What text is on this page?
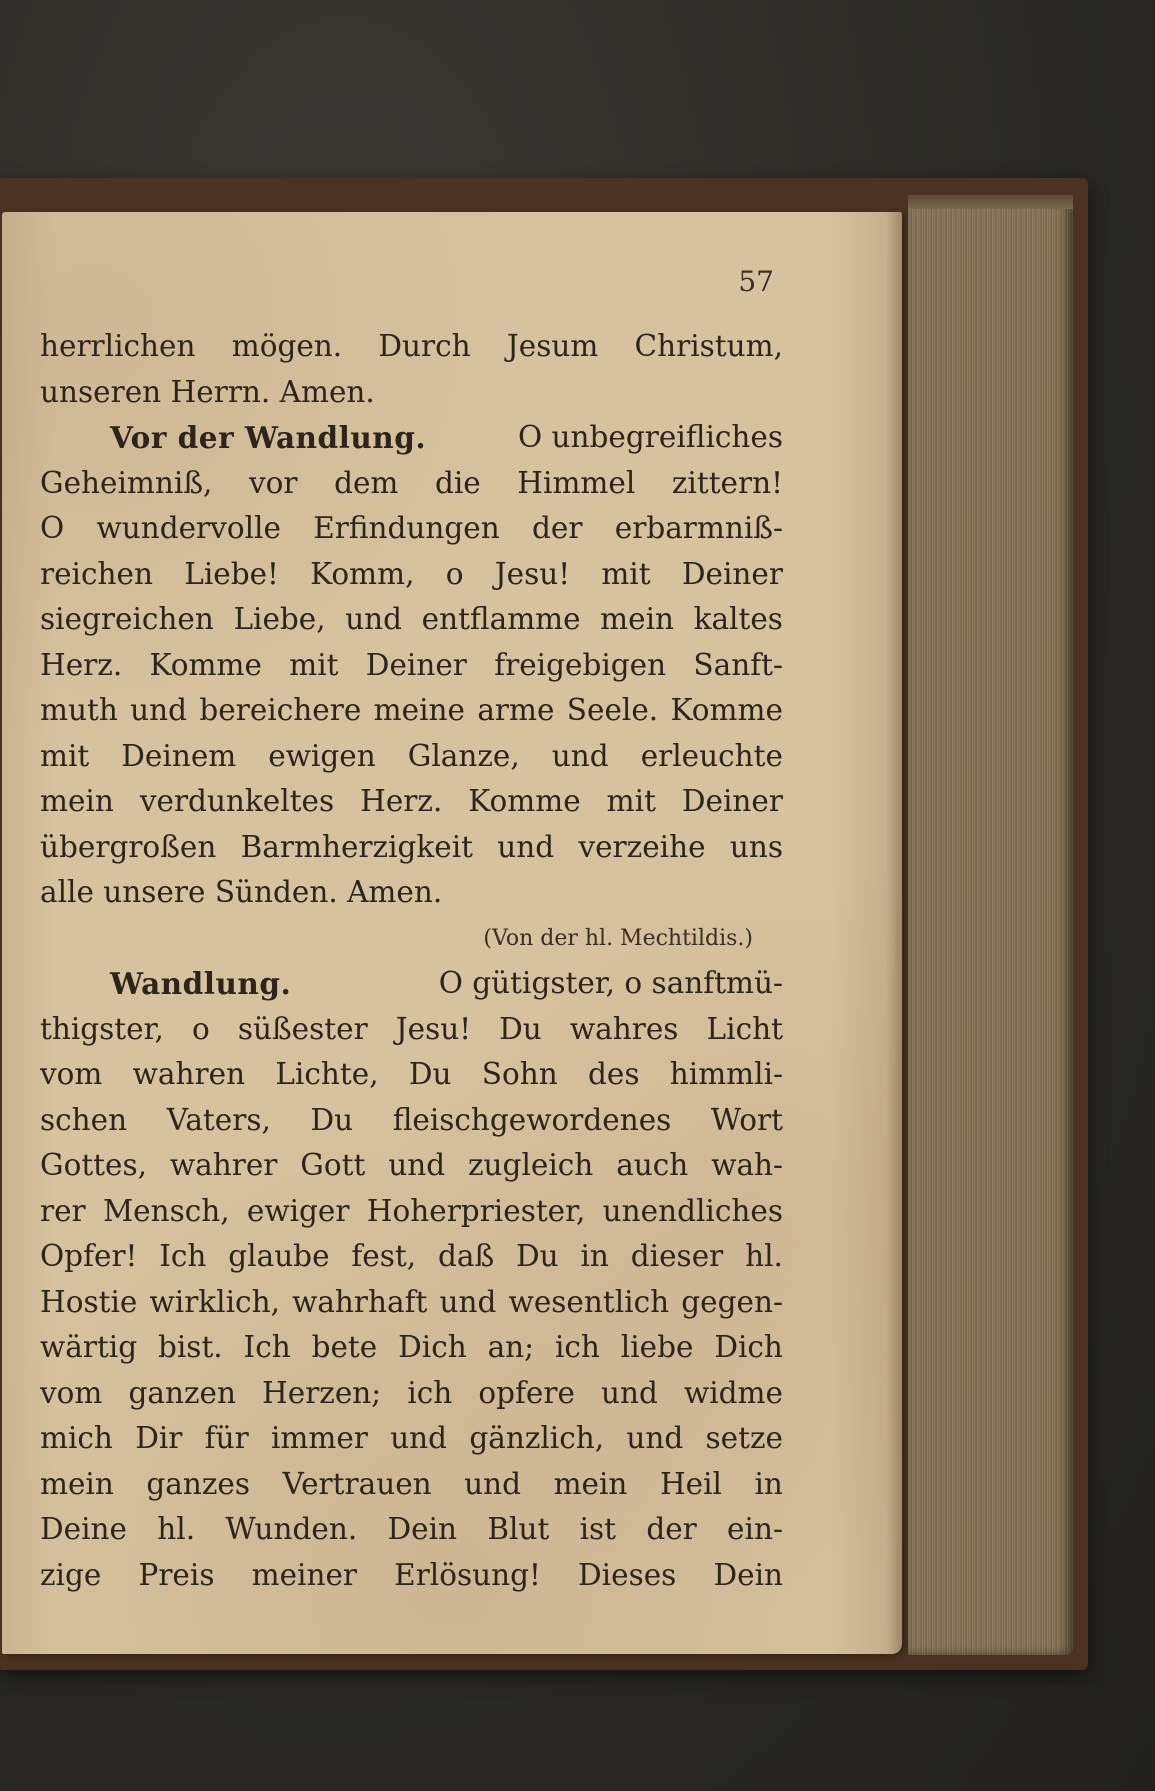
57
herrlichen mögen. Durch Jesum Christum,
unseren Herrn. Amen.
Vor der Wandlung.	O unbegreifliches
Geheimniß, vor dem die Himmel zittern!
O wundervolle Erfindungen der erbarmniß-
reichen Liebe! Komm, o Jesu! mit Deiner
siegreichen Liebe, und entflamme mein kaltes
Herz. Komme mit Deiner freigebigen Sanft-
muth und bereichere meine arme Seele. Komme
mit Deinem ewigen Glanze, und erleuchte
mein verdunkeltes Herz. Komme mit Deiner
übergroßen Barmherzigkeit und verzeihe uns
alle unsere Sünden. Amen.
(Von der hl. Mechtildis.)
Wandlung.	O gütigster, o sanftmü-
thigster, o süßester Jesu! Du wahres Licht
vom wahren Lichte, Du Sohn des himmli-
schen Vaters, Du fleischgewordenes Wort
Gottes, wahrer Gott und zugleich auch wah-
rer Mensch, ewiger Hoherpriester, unendliches
Opfer! Ich glaube fest, daß Du in dieser hl.
Hostie wirklich, wahrhaft und wesentlich gegen-
wärtig bist. Ich bete Dich an; ich liebe Dich
vom ganzen Herzen; ich opfere und widme
mich Dir für immer und gänzlich, und setze
mein ganzes Vertrauen und mein Heil in
Deine hl. Wunden. Dein Blut ist der ein-
zige Preis meiner Erlösung! Dieses Dein
